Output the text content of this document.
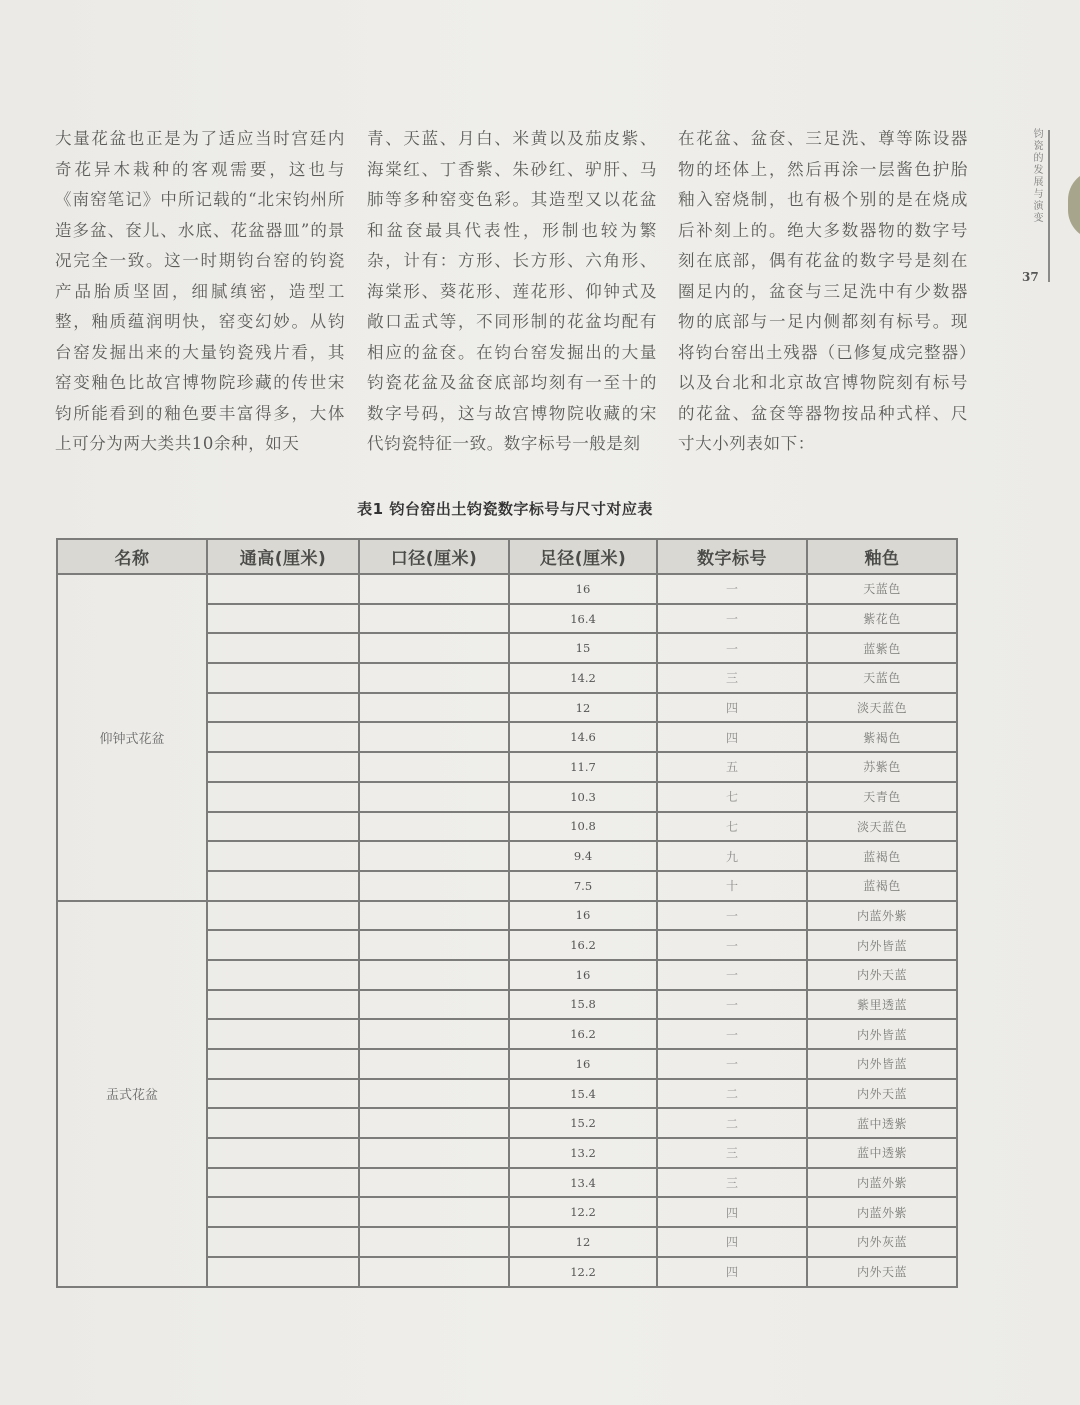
大量花盆也正是为了适应当时宫廷内奇花异木栽种的客观需要，这也与《南窑笔记》中所记载的“北宋钧州所造多盆、奁儿、水底、花盆器皿”的景况完全一致。这一时期钧台窑的钧瓷产品胎质坚固，细腻缜密，造型工整，釉质蕴润明快，窑变幻妙。从钧台窑发掘出来的大量钧瓷残片看，其窑变釉色比故宫博物院珍藏的传世宋钧所能看到的釉色要丰富得多，大体上可分为两大类共10余种，如天

青、天蓝、月白、米黄以及茄皮紫、海棠红、丁香紫、朱砂红、驴肝、马肺等多种窑变色彩。其造型又以花盆和盆奁最具代表性，形制也较为繁杂，计有：方形、长方形、六角形、海棠形、葵花形、莲花形、仰钟式及敞口盂式等，不同形制的花盆均配有相应的盆奁。在钧台窑发掘出的大量钧瓷花盆及盆奁底部均刻有一至十的数字号码，这与故宫博物院收藏的宋代钧瓷特征一致。数字标号一般是刻

在花盆、盆奁、三足洗、尊等陈设器物的坯体上，然后再涂一层酱色护胎釉入窑烧制，也有极个别的是在烧成后补刻上的。绝大多数器物的数字号刻在底部，偶有花盆的数字号是刻在圈足内的，盆奁与三足洗中有少数器物的底部与一足内侧都刻有标号。现将钧台窑出土残器（已修复成完整器）以及台北和北京故宫博物院刻有标号的花盆、盆奁等器物按品种式样、尺寸大小列表如下：

钧瓷的发展与演变
37
表1 钧台窑出土钧瓷数字标号与尺寸对应表
名称	通高(厘米)	口径(厘米)	足径(厘米)	数字标号	釉色
仰钟式花盆			16	一	天蓝色
			16.4	一	紫花色
			15	一	蓝紫色
			14.2	三	天蓝色
			12	四	淡天蓝色
			14.6	四	紫褐色
			11.7	五	苏紫色
			10.3	七	天青色
			10.8	七	淡天蓝色
			9.4	九	蓝褐色
			7.5	十	蓝褐色
盂式花盆			16	一	内蓝外紫
			16.2	一	内外皆蓝
			16	一	内外天蓝
			15.8	一	紫里透蓝
			16.2	一	内外皆蓝
			16	一	内外皆蓝
			15.4	二	内外天蓝
			15.2	二	蓝中透紫
			13.2	三	蓝中透紫
			13.4	三	内蓝外紫
			12.2	四	内蓝外紫
			12	四	内外灰蓝
			12.2	四	内外天蓝
